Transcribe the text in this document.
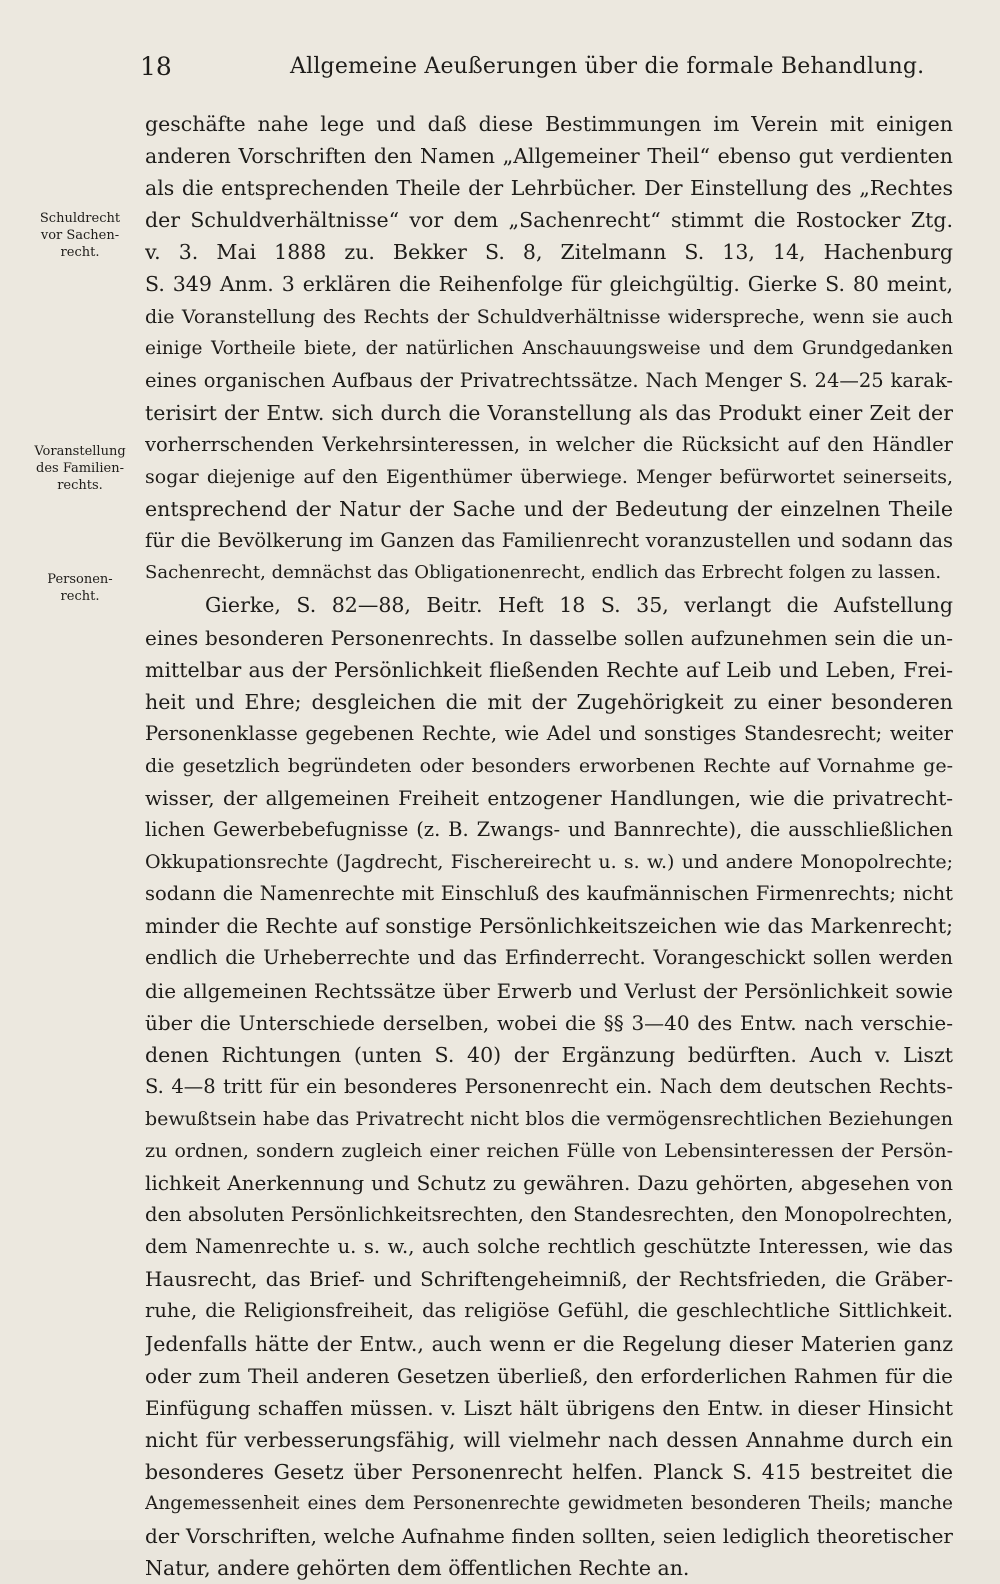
18	Allgemeine Aeußerungen über die formale Behandlung.
Schuldrecht
vor Sachen-
recht.
Voranstellung
des Familien-
rechts.
Personen-
recht.
geschäfte nahe lege und daß diese Bestimmungen im Verein mit einigen
anderen Vorschriften den Namen „Allgemeiner Theil“ ebenso gut verdienten
als die entsprechenden Theile der Lehrbücher. Der Einstellung des „Rechtes
der Schuldverhältnisse“ vor dem „Sachenrecht“ stimmt die Rostocker Ztg.
v. 3. Mai 1888 zu. Bekker S. 8, Zitelmann S. 13, 14, Hachenburg
S. 349 Anm. 3 erklären die Reihenfolge für gleichgültig. Gierke S. 80 meint,
die Voranstellung des Rechts der Schuldverhältnisse widerspreche, wenn sie auch
einige Vortheile biete, der natürlichen Anschauungsweise und dem Grundgedanken
eines organischen Aufbaus der Privatrechtssätze. Nach Menger S. 24—25 karak-
terisirt der Entw. sich durch die Voranstellung als das Produkt einer Zeit der
vorherrschenden Verkehrsinteressen, in welcher die Rücksicht auf den Händler
sogar diejenige auf den Eigenthümer überwiege. Menger befürwortet seinerseits,
entsprechend der Natur der Sache und der Bedeutung der einzelnen Theile
für die Bevölkerung im Ganzen das Familienrecht voranzustellen und sodann das
Sachenrecht, demnächst das Obligationenrecht, endlich das Erbrecht folgen zu lassen.
Gierke, S. 82—88, Beitr. Heft 18 S. 35, verlangt die Aufstellung
eines besonderen Personenrechts. In dasselbe sollen aufzunehmen sein die un-
mittelbar aus der Persönlichkeit fließenden Rechte auf Leib und Leben, Frei-
heit und Ehre; desgleichen die mit der Zugehörigkeit zu einer besonderen
Personenklasse gegebenen Rechte, wie Adel und sonstiges Standesrecht; weiter
die gesetzlich begründeten oder besonders erworbenen Rechte auf Vornahme ge-
wisser, der allgemeinen Freiheit entzogener Handlungen, wie die privatrecht-
lichen Gewerbebefugnisse (z. B. Zwangs- und Bannrechte), die ausschließlichen
Okkupationsrechte (Jagdrecht, Fischereirecht u. s. w.) und andere Monopolrechte;
sodann die Namenrechte mit Einschluß des kaufmännischen Firmenrechts; nicht
minder die Rechte auf sonstige Persönlichkeitszeichen wie das Markenrecht;
endlich die Urheberrechte und das Erfinderrecht. Vorangeschickt sollen werden
die allgemeinen Rechtssätze über Erwerb und Verlust der Persönlichkeit sowie
über die Unterschiede derselben, wobei die §§ 3—40 des Entw. nach verschie-
denen Richtungen (unten S. 40) der Ergänzung bedürften. Auch v. Liszt
S. 4—8 tritt für ein besonderes Personenrecht ein. Nach dem deutschen Rechts-
bewußtsein habe das Privatrecht nicht blos die vermögensrechtlichen Beziehungen
zu ordnen, sondern zugleich einer reichen Fülle von Lebensinteressen der Persön-
lichkeit Anerkennung und Schutz zu gewähren. Dazu gehörten, abgesehen von
den absoluten Persönlichkeitsrechten, den Standesrechten, den Monopolrechten,
dem Namenrechte u. s. w., auch solche rechtlich geschützte Interessen, wie das
Hausrecht, das Brief- und Schriftengeheimniß, der Rechtsfrieden, die Gräber-
ruhe, die Religionsfreiheit, das religiöse Gefühl, die geschlechtliche Sittlichkeit.
Jedenfalls hätte der Entw., auch wenn er die Regelung dieser Materien ganz
oder zum Theil anderen Gesetzen überließ, den erforderlichen Rahmen für die
Einfügung schaffen müssen. v. Liszt hält übrigens den Entw. in dieser Hinsicht
nicht für verbesserungsfähig, will vielmehr nach dessen Annahme durch ein
besonderes Gesetz über Personenrecht helfen. Planck S. 415 bestreitet die
Angemessenheit eines dem Personenrechte gewidmeten besonderen Theils; manche
der Vorschriften, welche Aufnahme finden sollten, seien lediglich theoretischer
Natur, andere gehörten dem öffentlichen Rechte an.
